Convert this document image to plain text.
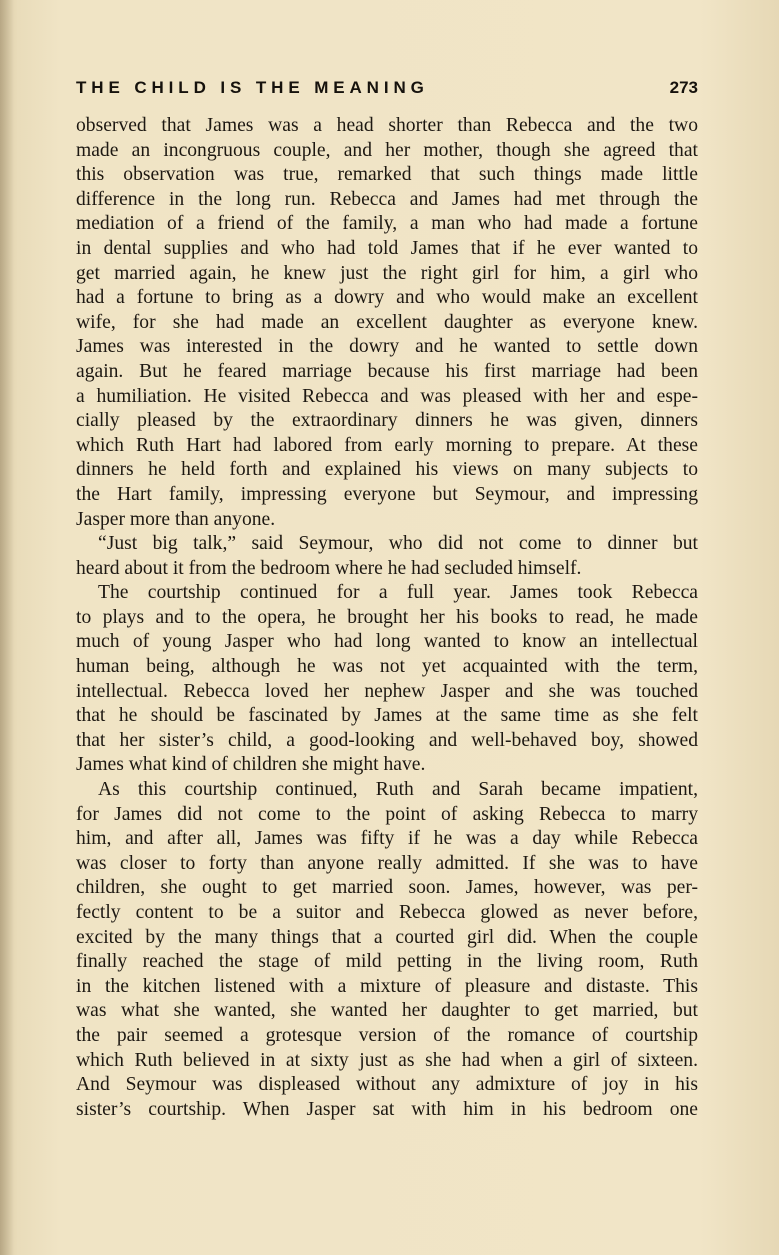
THE CHILD IS THE MEANING	273
observed that James was a head shorter than Rebecca and the two
made an incongruous couple, and her mother, though she agreed that
this observation was true, remarked that such things made little
difference in the long run. Rebecca and James had met through the
mediation of a friend of the family, a man who had made a fortune
in dental supplies and who had told James that if he ever wanted to
get married again, he knew just the right girl for him, a girl who
had a fortune to bring as a dowry and who would make an excellent
wife, for she had made an excellent daughter as everyone knew.
James was interested in the dowry and he wanted to settle down
again. But he feared marriage because his first marriage had been
a humiliation. He visited Rebecca and was pleased with her and espe-
cially pleased by the extraordinary dinners he was given, dinners
which Ruth Hart had labored from early morning to prepare. At these
dinners he held forth and explained his views on many subjects to
the Hart family, impressing everyone but Seymour, and impressing
Jasper more than anyone.
“Just big talk,” said Seymour, who did not come to dinner but
heard about it from the bedroom where he had secluded himself.
The courtship continued for a full year. James took Rebecca
to plays and to the opera, he brought her his books to read, he made
much of young Jasper who had long wanted to know an intellectual
human being, although he was not yet acquainted with the term,
intellectual. Rebecca loved her nephew Jasper and she was touched
that he should be fascinated by James at the same time as she felt
that her sister’s child, a good-looking and well-behaved boy, showed
James what kind of children she might have.
As this courtship continued, Ruth and Sarah became impatient,
for James did not come to the point of asking Rebecca to marry
him, and after all, James was fifty if he was a day while Rebecca
was closer to forty than anyone really admitted. If she was to have
children, she ought to get married soon. James, however, was per-
fectly content to be a suitor and Rebecca glowed as never before,
excited by the many things that a courted girl did. When the couple
finally reached the stage of mild petting in the living room, Ruth
in the kitchen listened with a mixture of pleasure and distaste. This
was what she wanted, she wanted her daughter to get married, but
the pair seemed a grotesque version of the romance of courtship
which Ruth believed in at sixty just as she had when a girl of sixteen.
And Seymour was displeased without any admixture of joy in his
sister’s courtship. When Jasper sat with him in his bedroom one
